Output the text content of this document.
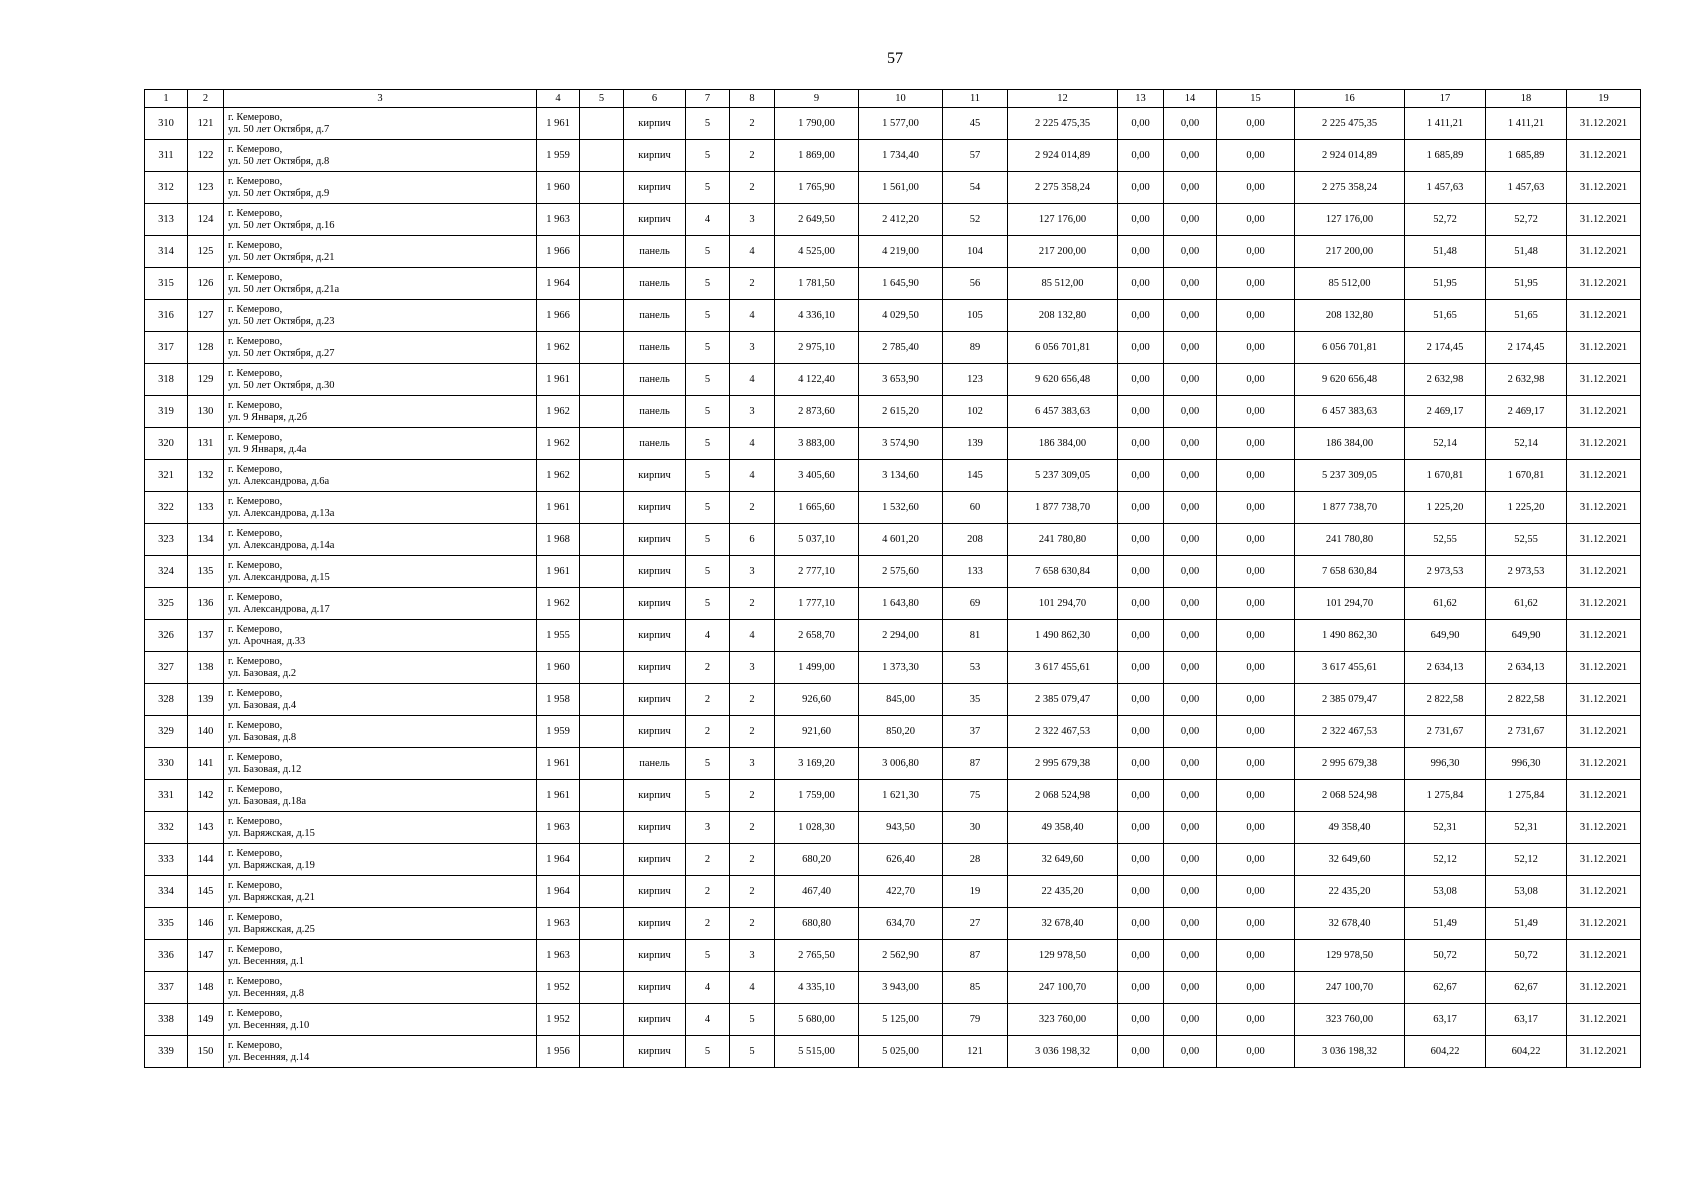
57
1	2	3	4	5	6	7	8	9	10	11	12	13	14	15	16	17	18	19
310	121	г. Кемерово,
ул. 50 лет Октября, д.7	1 961		кирпич	5	2	1 790,00	1 577,00	45	2 225 475,35	0,00	0,00	0,00	2 225 475,35	1 411,21	1 411,21	31.12.2021
311	122	г. Кемерово,
ул. 50 лет Октября, д.8	1 959		кирпич	5	2	1 869,00	1 734,40	57	2 924 014,89	0,00	0,00	0,00	2 924 014,89	1 685,89	1 685,89	31.12.2021
312	123	г. Кемерово,
ул. 50 лет Октября, д.9	1 960		кирпич	5	2	1 765,90	1 561,00	54	2 275 358,24	0,00	0,00	0,00	2 275 358,24	1 457,63	1 457,63	31.12.2021
313	124	г. Кемерово,
ул. 50 лет Октября, д.16	1 963		кирпич	4	3	2 649,50	2 412,20	52	127 176,00	0,00	0,00	0,00	127 176,00	52,72	52,72	31.12.2021
314	125	г. Кемерово,
ул. 50 лет Октября, д.21	1 966		панель	5	4	4 525,00	4 219,00	104	217 200,00	0,00	0,00	0,00	217 200,00	51,48	51,48	31.12.2021
315	126	г. Кемерово,
ул. 50 лет Октября, д.21а	1 964		панель	5	2	1 781,50	1 645,90	56	85 512,00	0,00	0,00	0,00	85 512,00	51,95	51,95	31.12.2021
316	127	г. Кемерово,
ул. 50 лет Октября, д.23	1 966		панель	5	4	4 336,10	4 029,50	105	208 132,80	0,00	0,00	0,00	208 132,80	51,65	51,65	31.12.2021
317	128	г. Кемерово,
ул. 50 лет Октября, д.27	1 962		панель	5	3	2 975,10	2 785,40	89	6 056 701,81	0,00	0,00	0,00	6 056 701,81	2 174,45	2 174,45	31.12.2021
318	129	г. Кемерово,
ул. 50 лет Октября, д.30	1 961		панель	5	4	4 122,40	3 653,90	123	9 620 656,48	0,00	0,00	0,00	9 620 656,48	2 632,98	2 632,98	31.12.2021
319	130	г. Кемерово,
ул. 9 Января, д.2б	1 962		панель	5	3	2 873,60	2 615,20	102	6 457 383,63	0,00	0,00	0,00	6 457 383,63	2 469,17	2 469,17	31.12.2021
320	131	г. Кемерово,
ул. 9 Января, д.4а	1 962		панель	5	4	3 883,00	3 574,90	139	186 384,00	0,00	0,00	0,00	186 384,00	52,14	52,14	31.12.2021
321	132	г. Кемерово,
ул. Александрова, д.6а	1 962		кирпич	5	4	3 405,60	3 134,60	145	5 237 309,05	0,00	0,00	0,00	5 237 309,05	1 670,81	1 670,81	31.12.2021
322	133	г. Кемерово,
ул. Александрова, д.13а	1 961		кирпич	5	2	1 665,60	1 532,60	60	1 877 738,70	0,00	0,00	0,00	1 877 738,70	1 225,20	1 225,20	31.12.2021
323	134	г. Кемерово,
ул. Александрова, д.14а	1 968		кирпич	5	6	5 037,10	4 601,20	208	241 780,80	0,00	0,00	0,00	241 780,80	52,55	52,55	31.12.2021
324	135	г. Кемерово,
ул. Александрова, д.15	1 961		кирпич	5	3	2 777,10	2 575,60	133	7 658 630,84	0,00	0,00	0,00	7 658 630,84	2 973,53	2 973,53	31.12.2021
325	136	г. Кемерово,
ул. Александрова, д.17	1 962		кирпич	5	2	1 777,10	1 643,80	69	101 294,70	0,00	0,00	0,00	101 294,70	61,62	61,62	31.12.2021
326	137	г. Кемерово,
ул. Арочная, д.33	1 955		кирпич	4	4	2 658,70	2 294,00	81	1 490 862,30	0,00	0,00	0,00	1 490 862,30	649,90	649,90	31.12.2021
327	138	г. Кемерово,
ул. Базовая, д.2	1 960		кирпич	2	3	1 499,00	1 373,30	53	3 617 455,61	0,00	0,00	0,00	3 617 455,61	2 634,13	2 634,13	31.12.2021
328	139	г. Кемерово,
ул. Базовая, д.4	1 958		кирпич	2	2	926,60	845,00	35	2 385 079,47	0,00	0,00	0,00	2 385 079,47	2 822,58	2 822,58	31.12.2021
329	140	г. Кемерово,
ул. Базовая, д.8	1 959		кирпич	2	2	921,60	850,20	37	2 322 467,53	0,00	0,00	0,00	2 322 467,53	2 731,67	2 731,67	31.12.2021
330	141	г. Кемерово,
ул. Базовая, д.12	1 961		панель	5	3	3 169,20	3 006,80	87	2 995 679,38	0,00	0,00	0,00	2 995 679,38	996,30	996,30	31.12.2021
331	142	г. Кемерово,
ул. Базовая, д.18а	1 961		кирпич	5	2	1 759,00	1 621,30	75	2 068 524,98	0,00	0,00	0,00	2 068 524,98	1 275,84	1 275,84	31.12.2021
332	143	г. Кемерово,
ул. Варяжская, д.15	1 963		кирпич	3	2	1 028,30	943,50	30	49 358,40	0,00	0,00	0,00	49 358,40	52,31	52,31	31.12.2021
333	144	г. Кемерово,
ул. Варяжская, д.19	1 964		кирпич	2	2	680,20	626,40	28	32 649,60	0,00	0,00	0,00	32 649,60	52,12	52,12	31.12.2021
334	145	г. Кемерово,
ул. Варяжская, д.21	1 964		кирпич	2	2	467,40	422,70	19	22 435,20	0,00	0,00	0,00	22 435,20	53,08	53,08	31.12.2021
335	146	г. Кемерово,
ул. Варяжская, д.25	1 963		кирпич	2	2	680,80	634,70	27	32 678,40	0,00	0,00	0,00	32 678,40	51,49	51,49	31.12.2021
336	147	г. Кемерово,
ул. Весенняя, д.1	1 963		кирпич	5	3	2 765,50	2 562,90	87	129 978,50	0,00	0,00	0,00	129 978,50	50,72	50,72	31.12.2021
337	148	г. Кемерово,
ул. Весенняя, д.8	1 952		кирпич	4	4	4 335,10	3 943,00	85	247 100,70	0,00	0,00	0,00	247 100,70	62,67	62,67	31.12.2021
338	149	г. Кемерово,
ул. Весенняя, д.10	1 952		кирпич	4	5	5 680,00	5 125,00	79	323 760,00	0,00	0,00	0,00	323 760,00	63,17	63,17	31.12.2021
339	150	г. Кемерово,
ул. Весенняя, д.14	1 956		кирпич	5	5	5 515,00	5 025,00	121	3 036 198,32	0,00	0,00	0,00	3 036 198,32	604,22	604,22	31.12.2021
